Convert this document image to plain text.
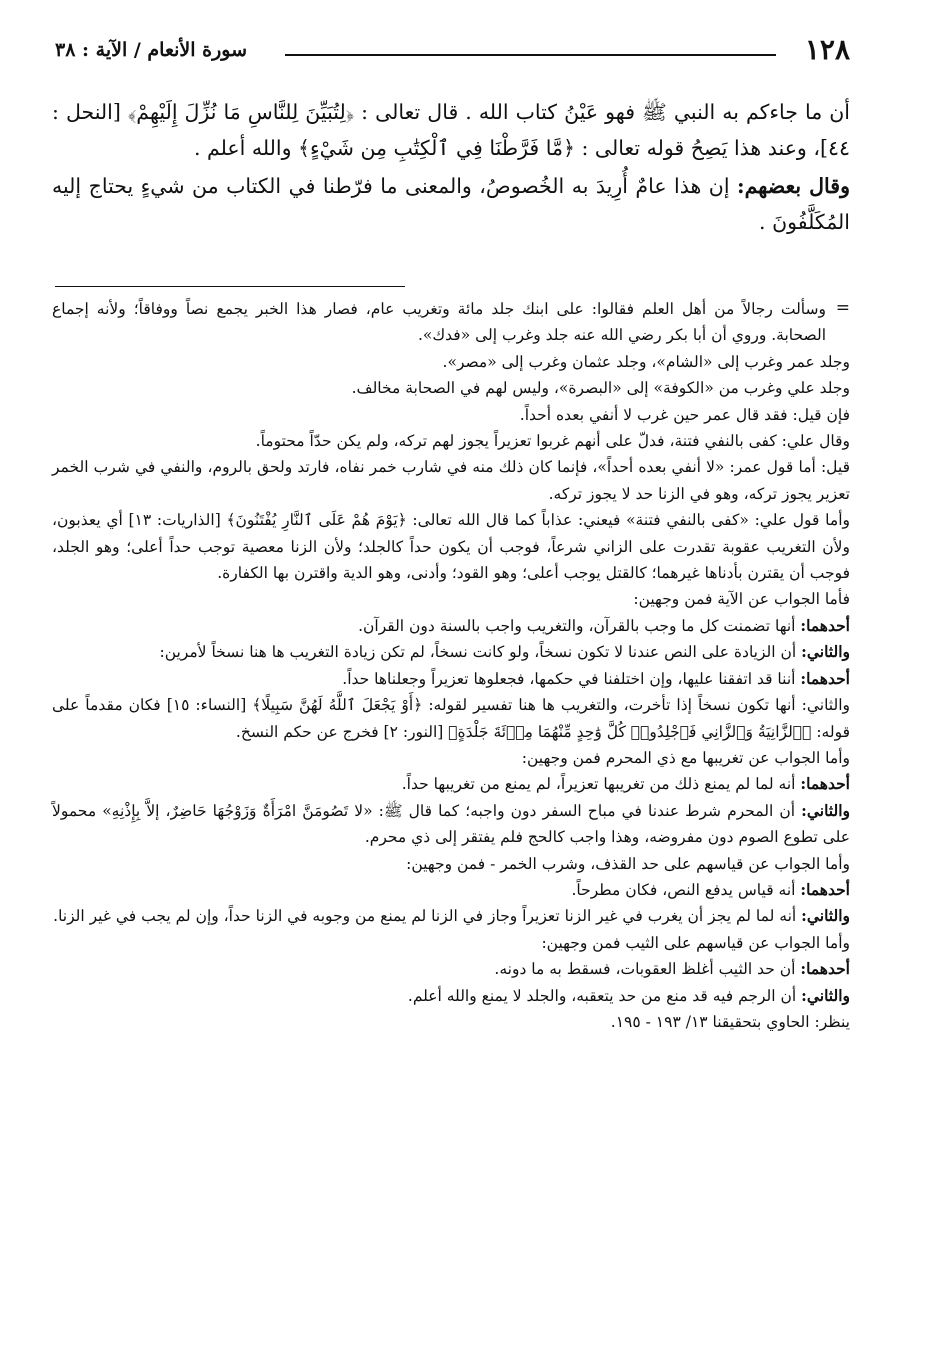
١٢٨
سورة الأنعام / الآية : ٣٨

أن ما جاءكم به النبي ﷺ فهو عَيْنُ كتاب الله . قال تعالى : ﴿لِتُبَيِّنَ لِلنَّاسِ مَا نُزِّلَ إِلَيْهِمْ﴾ [النحل : ٤٤]، وعند هذا يَصِحُ قوله تعالى : ﴿مَّا فَرَّطْنَا فِي ٱلْكِتَٰبِ مِن شَيْءٍ﴾ والله أعلم .

وقال بعضهم: إن هذا عامٌ أُرِيدَ به الخُصوصُ، والمعنى ما فرّطنا في الكتاب من شيءٍ يحتاج إليه المُكَلَّفُونَ .

=

وسألت رجالاً من أهل العلم فقالوا: على ابنك جلد مائة وتغريب عام، فصار هذا الخبر يجمع نصاً ووفاقاً؛ ولأنه إجماع الصحابة. وروي أن أبا بكر رضي الله عنه جلد وغرب إلى «فدك».

وجلد عمر وغرب إلى «الشام»، وجلد عثمان وغرب إلى «مصر».

وجلد علي وغرب من «الكوفة» إلى «البصرة»، وليس لهم في الصحابة مخالف.

فإن قيل: فقد قال عمر حين غرب لا أنفي بعده أحداً.

وقال علي: كفى بالنفي فتنة، فدلّ على أنهم غربوا تعزيراً يجوز لهم تركه، ولم يكن حدّاً محتوماً.

قيل: أما قول عمر: «لا أنفي بعده أحداً»، فإنما كان ذلك منه في شارب خمر نفاه، فارتد ولحق بالروم، والنفي في شرب الخمر تعزير يجوز تركه، وهو في الزنا حد لا يجوز تركه.

وأما قول علي: «كفى بالنفي فتنة» فيعني: عذاباً كما قال الله تعالى: ﴿يَوْمَ هُمْ عَلَى ٱلنَّارِ يُفْتَنُونَ﴾ [الذاريات: ١٣] أي يعذبون، ولأن التغريب عقوبة تقدرت على الزاني شرعاً، فوجب أن يكون حداً كالجلد؛ ولأن الزنا معصية توجب حداً أعلى؛ وهو الجلد، فوجب أن يقترن بأدناها غيرهما؛ كالقتل يوجب أعلى؛ وهو القود؛ وأدنى، وهو الدية واقترن بها الكفارة.

فأما الجواب عن الآية فمن وجهين:

أحدهما: أنها تضمنت كل ما وجب بالقرآن، والتغريب واجب بالسنة دون القرآن.

والثاني: أن الزيادة على النص عندنا لا تكون نسخاً، ولو كانت نسخاً، لم تكن زيادة التغريب ها هنا نسخاً لأمرين:

أحدهما: أننا قد اتفقنا عليها، وإن اختلفنا في حكمها، فجعلوها تعزيراً وجعلناها حداً.

والثاني: أنها تكون نسخاً إذا تأخرت، والتغريب ها هنا تفسير لقوله: ﴿أَوْ يَجْعَلَ ٱللَّهُ لَهُنَّ سَبِيلًا﴾ [النساء: ١٥] فكان مقدماً على قوله: ﴿ٱلزَّانِيَةُ وَٱلزَّانِي فَٱجْلِدُوا۟ كُلَّ وَٰحِدٍ مِّنْهُمَا مِا۟ئَةَ جَلْدَةٍ﴾ [النور: ٢] فخرج عن حكم النسخ.

وأما الجواب عن تغريبها مع ذي المحرم فمن وجهين:

أحدهما: أنه لما لم يمنع ذلك من تغريبها تعزيراً، لم يمنع من تغريبها حداً.

والثاني: أن المحرم شرط عندنا في مباح السفر دون واجبه؛ كما قال ﷺ: «لا تَصُومَنَّ امْرَأَةٌ وَزَوْجُهَا حَاضِرٌ، إلاَّ بِإِذْنِهِ» محمولاً على تطوع الصوم دون مفروضه، وهذا واجب كالحج فلم يفتقر إلى ذي محرم.

وأما الجواب عن قياسهم على حد القذف، وشرب الخمر - فمن وجهين:

أحدهما: أنه قياس يدفع النص، فكان مطرحاً.

والثاني: أنه لما لم يجز أن يغرب في غير الزنا تعزيراً وجاز في الزنا لم يمنع من وجوبه في الزنا حداً، وإن لم يجب في غير الزنا.

وأما الجواب عن قياسهم على الثيب فمن وجهين:

أحدهما: أن حد الثيب أغلظ العقوبات، فسقط به ما دونه.

والثاني: أن الرجم فيه قد منع من حد يتعقبه، والجلد لا يمنع والله أعلم.

ينظر: الحاوي بتحقيقنا ١٣/ ١٩٣ - ١٩٥.
